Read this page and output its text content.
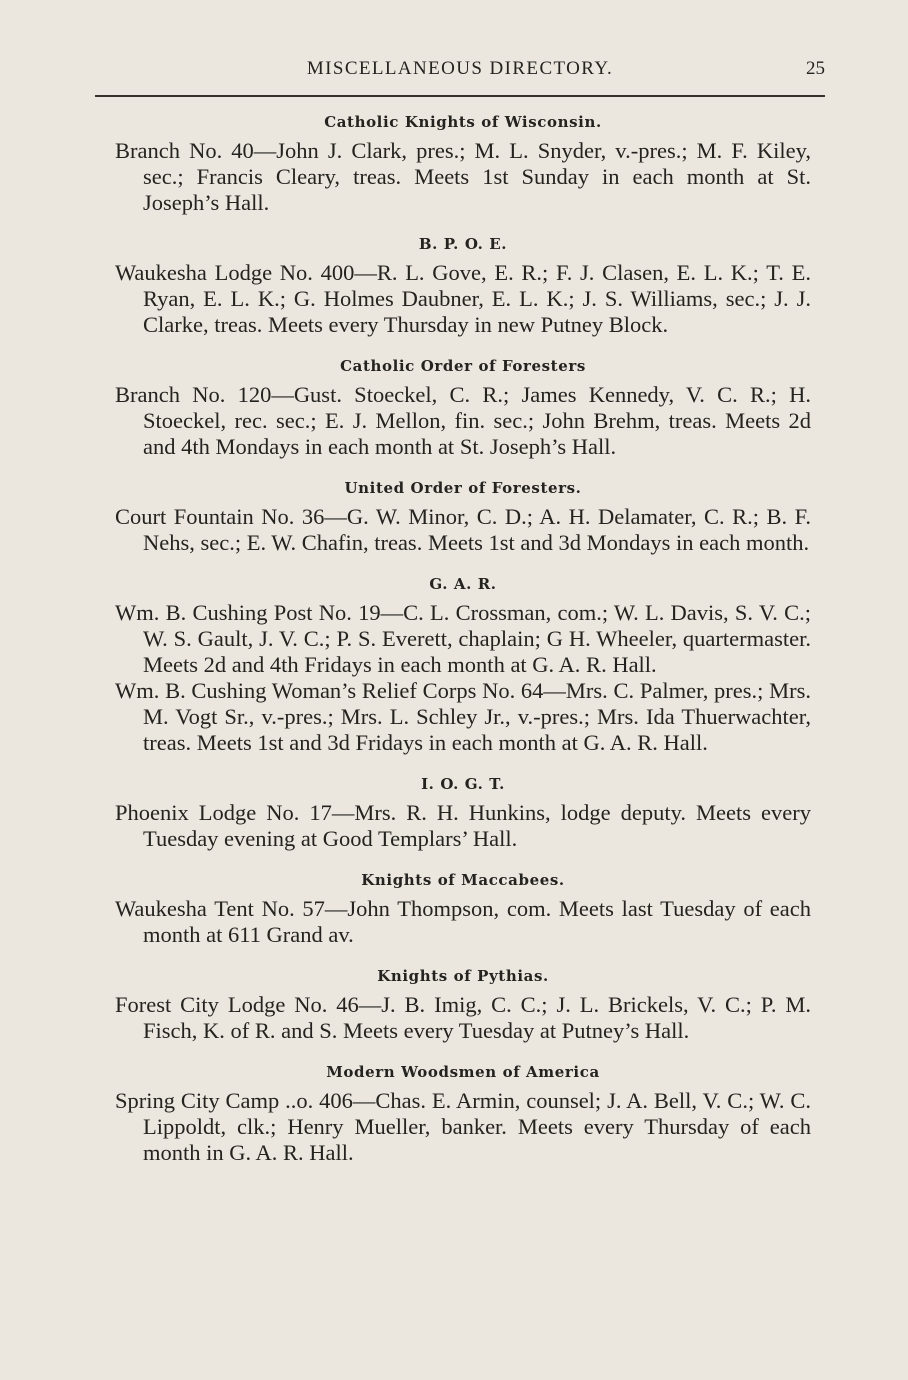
MISCELLANEOUS DIRECTORY.	25
Catholic Knights of Wisconsin.

Branch No. 40—John J. Clark, pres.; M. L. Snyder, v.-pres.; M. F. Kiley, sec.; Francis Cleary, treas. Meets 1st Sunday in each month at St. Joseph’s Hall.

B. P. O. E.

Waukesha Lodge No. 400—R. L. Gove, E. R.; F. J. Clasen, E. L. K.; T. E. Ryan, E. L. K.; G. Holmes Daubner, E. L. K.; J. S. Williams, sec.; J. J. Clarke, treas. Meets every Thursday in new Putney Block.

Catholic Order of Foresters

Branch No. 120—Gust. Stoeckel, C. R.; James Kennedy, V. C. R.; H. Stoeckel, rec. sec.; E. J. Mellon, fin. sec.; John Brehm, treas. Meets 2d and 4th Mondays in each month at St. Joseph’s Hall.

United Order of Foresters.

Court Fountain No. 36—G. W. Minor, C. D.; A. H. Delamater, C. R.; B. F. Nehs, sec.; E. W. Chafin, treas. Meets 1st and 3d Mondays in each month.

G. A. R.

Wm. B. Cushing Post No. 19—C. L. Crossman, com.; W. L. Davis, S. V. C.; W. S. Gault, J. V. C.; P. S. Everett, chaplain; G H. Wheeler, quartermaster. Meets 2d and 4th Fridays in each month at G. A. R. Hall.

Wm. B. Cushing Woman’s Relief Corps No. 64—Mrs. C. Palmer, pres.; Mrs. M. Vogt Sr., v.-pres.; Mrs. L. Schley Jr., v.-pres.; Mrs. Ida Thuerwachter, treas. Meets 1st and 3d Fridays in each month at G. A. R. Hall.

I. O. G. T.

Phoenix Lodge No. 17—Mrs. R. H. Hunkins, lodge deputy. Meets every Tuesday evening at Good Templars’ Hall.

Knights of Maccabees.

Waukesha Tent No. 57—John Thompson, com. Meets last Tuesday of each month at 611 Grand av.

Knights of Pythias.

Forest City Lodge No. 46—J. B. Imig, C. C.; J. L. Brickels, V. C.; P. M. Fisch, K. of R. and S. Meets every Tuesday at Putney’s Hall.

Modern Woodsmen of America

Spring City Camp ..o. 406—Chas. E. Armin, counsel; J. A. Bell, V. C.; W. C. Lippoldt, clk.; Henry Mueller, banker. Meets every Thursday of each month in G. A. R. Hall.
